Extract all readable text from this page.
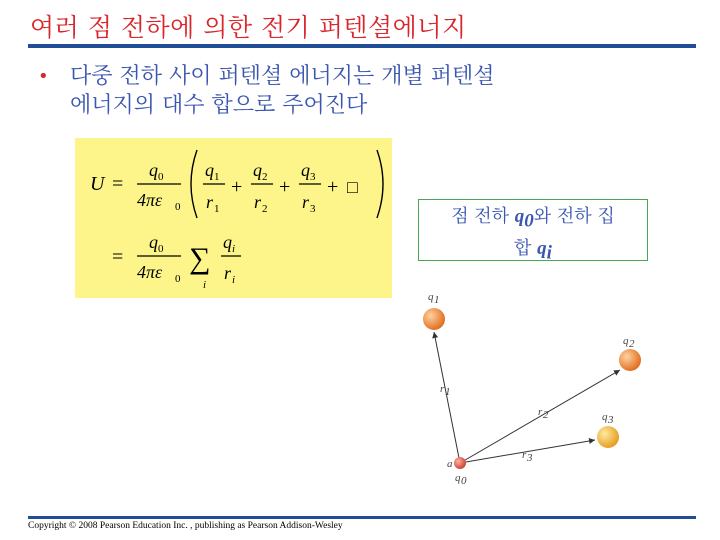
여러 점 전하에 의한 전기 퍼텐셜에너지
• 다중 전하 사이 퍼텐셜 에너지는 개별 퍼텐셜
에너지의 대수 합으로 주어진다
U =
q 0
4πε 0
q 1
r 1
+
q 2
r 2
+
q 3
r 3
+ □
=
q 0
4πε 0
∑
i
q i
r i
점 전하 $q_0$와 전하 집
합 $q_i$
q 1
q 2
q 3
a
q 0
r 1
r 2
r 3
Copyright © 2008 Pearson Education Inc. , publishing as Pearson Addison-Wesley
